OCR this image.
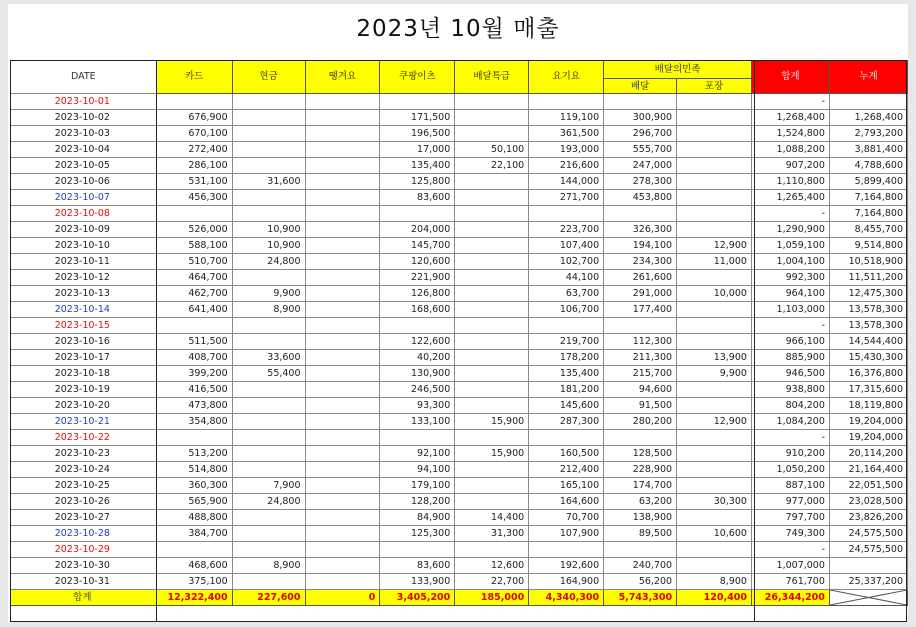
2023년 10월 매출
DATE	카드	현금	땡겨요	쿠팡이츠	배달특급	요기요	배달의민족		합계	누계
							배달	포장		
2023-10-01									-	
2023-10-02	676,900			171,500		119,100	300,900		1,268,400	1,268,400
2023-10-03	670,100			196,500		361,500	296,700		1,524,800	2,793,200
2023-10-04	272,400			17,000	50,100	193,000	555,700		1,088,200	3,881,400
2023-10-05	286,100			135,400	22,100	216,600	247,000		907,200	4,788,600
2023-10-06	531,100	31,600		125,800		144,000	278,300		1,110,800	5,899,400
2023-10-07	456,300			83,600		271,700	453,800		1,265,400	7,164,800
2023-10-08									-	7,164,800
2023-10-09	526,000	10,900		204,000		223,700	326,300		1,290,900	8,455,700
2023-10-10	588,100	10,900		145,700		107,400	194,100	12,900	1,059,100	9,514,800
2023-10-11	510,700	24,800		120,600		102,700	234,300	11,000	1,004,100	10,518,900
2023-10-12	464,700			221,900		44,100	261,600		992,300	11,511,200
2023-10-13	462,700	9,900		126,800		63,700	291,000	10,000	964,100	12,475,300
2023-10-14	641,400	8,900		168,600		106,700	177,400		1,103,000	13,578,300
2023-10-15									-	13,578,300
2023-10-16	511,500			122,600		219,700	112,300		966,100	14,544,400
2023-10-17	408,700	33,600		40,200		178,200	211,300	13,900	885,900	15,430,300
2023-10-18	399,200	55,400		130,900		135,400	215,700	9,900	946,500	16,376,800
2023-10-19	416,500			246,500		181,200	94,600		938,800	17,315,600
2023-10-20	473,800			93,300		145,600	91,500		804,200	18,119,800
2023-10-21	354,800			133,100	15,900	287,300	280,200	12,900	1,084,200	19,204,000
2023-10-22									-	19,204,000
2023-10-23	513,200			92,100	15,900	160,500	128,500		910,200	20,114,200
2023-10-24	514,800			94,100		212,400	228,900		1,050,200	21,164,400
2023-10-25	360,300	7,900		179,100		165,100	174,700		887,100	22,051,500
2023-10-26	565,900	24,800		128,200		164,600	63,200	30,300	977,000	23,028,500
2023-10-27	488,800			84,900	14,400	70,700	138,900		797,700	23,826,200
2023-10-28	384,700			125,300	31,300	107,900	89,500	10,600	749,300	24,575,500
2023-10-29									-	24,575,500
2023-10-30	468,600	8,900		83,600	12,600	192,600	240,700		1,007,000	
2023-10-31	375,100			133,900	22,700	164,900	56,200	8,900	761,700	25,337,200
합계	12,322,400	227,600	0	3,405,200	185,000	4,340,300	5,743,300	120,400	26,344,200	
